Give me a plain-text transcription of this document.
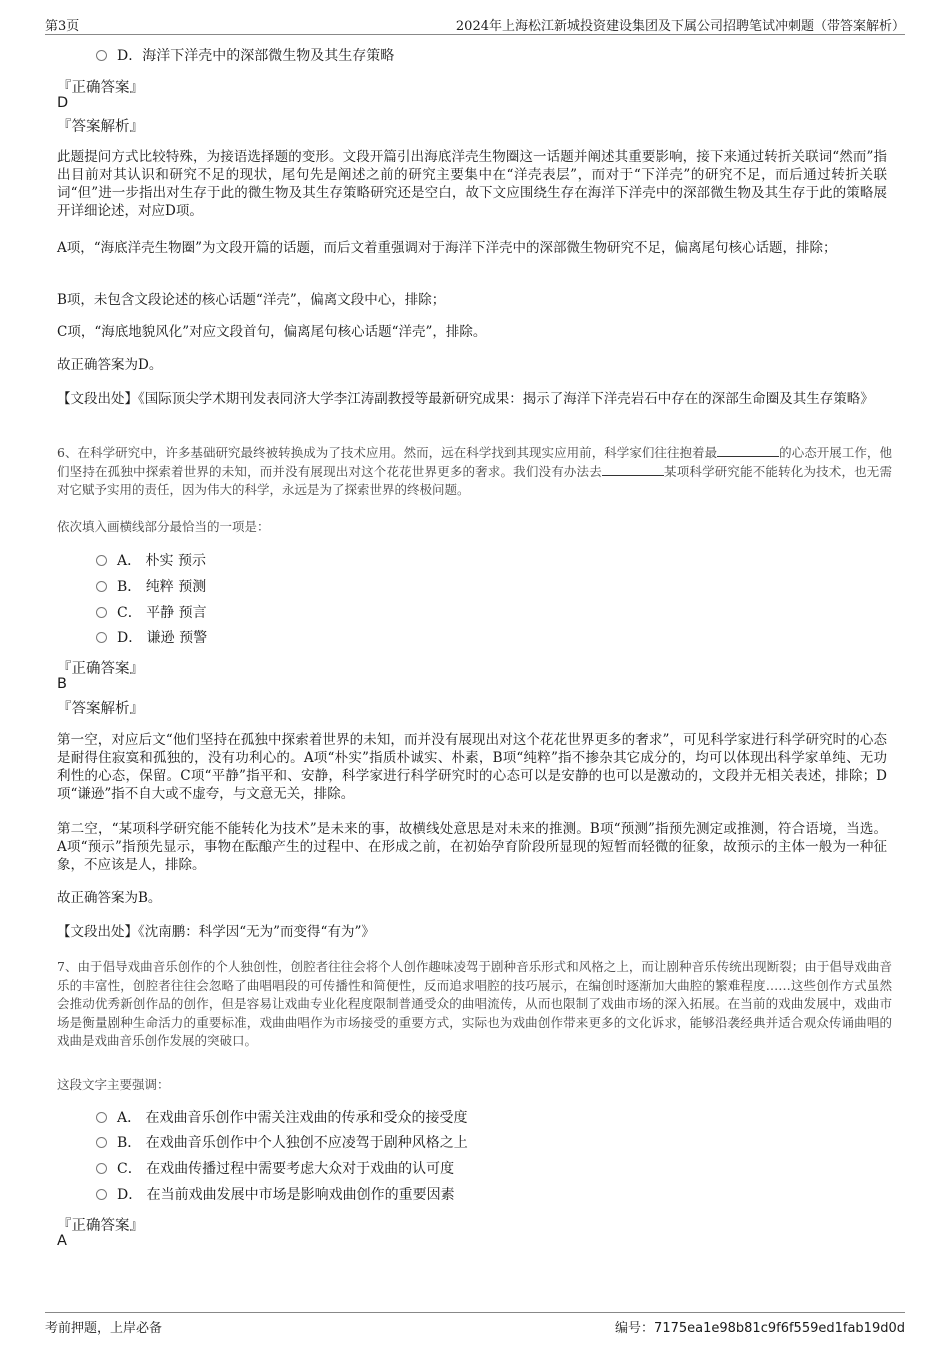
第3页	2024年上海松江新城投资建设集团及下属公司招聘笔试冲刺题（带答案解析）
D．海洋下洋壳中的深部微生物及其生存策略
『正确答案』
D
『答案解析』

此题提问方式比较特殊，为接语选择题的变形。文段开篇引出海底洋壳生物圈这一话题并阐述其重要影响，接下来通过转折关联词“然而”指出目前对其认识和研究不足的现状，尾句先是阐述之前的研究主要集中在“洋壳表层”，而对于“下洋壳”的研究不足，而后通过转折关联词“但”进一步指出对生存于此的微生物及其生存策略研究还是空白，故下文应围绕生存在海洋下洋壳中的深部微生物及其生存于此的策略展开详细论述，对应D项。

A项，“海底洋壳生物圈”为文段开篇的话题，而后文着重强调对于海洋下洋壳中的深部微生物研究不足，偏离尾句核心话题，排除；

B项，未包含文段论述的核心话题“洋壳”，偏离文段中心，排除；

C项，“海底地貌风化”对应文段首句，偏离尾句核心话题“洋壳”，排除。

故正确答案为D。

【文段出处】《国际顶尖学术期刊发表同济大学李江涛副教授等最新研究成果：揭示了海洋下洋壳岩石中存在的深部生命圈及其生存策略》

6、在科学研究中，许多基础研究最终被转换成为了技术应用。然而，远在科学找到其现实应用前，科学家们往往抱着最	的心态开展工作，他们坚持在孤独中探索着世界的未知，而并没有展现出对这个花花世界更多的奢求。我们没有办法去	某项科学研究能不能转化为技术，也无需对它赋予实用的责任，因为伟大的科学，永远是为了探索世界的终极问题。

依次填入画横线部分最恰当的一项是：
A． 朴实 预示
B． 纯粹 预测
C． 平静 预言
D． 谦逊 预警
『正确答案』
B
『答案解析』

第一空，对应后文“他们坚持在孤独中探索着世界的未知，而并没有展现出对这个花花世界更多的奢求”，可见科学家进行科学研究时的心态是耐得住寂寞和孤独的，没有功利心的。A项“朴实”指质朴诚实、朴素，B项“纯粹”指不掺杂其它成分的，均可以体现出科学家单纯、无功利性的心态，保留。C项“平静”指平和、安静，科学家进行科学研究时的心态可以是安静的也可以是激动的，文段并无相关表述，排除；D项“谦逊”指不自大或不虚夸，与文意无关，排除。

第二空，“某项科学研究能不能转化为技术”是未来的事，故横线处意思是对未来的推测。B项“预测”指预先测定或推测，符合语境，当选。A项“预示”指预先显示，事物在酝酿产生的过程中、在形成之前，在初始孕育阶段所显现的短暂而轻微的征象，故预示的主体一般为一种征象，不应该是人，排除。

故正确答案为B。

【文段出处】《沈南鹏：科学因“无为”而变得“有为”》

7、由于倡导戏曲音乐创作的个人独创性，创腔者往往会将个人创作趣味凌驾于剧种音乐形式和风格之上，而让剧种音乐传统出现断裂；由于倡导戏曲音乐的丰富性，创腔者往往会忽略了曲唱唱段的可传播性和简便性，反而追求唱腔的技巧展示，在编创时逐渐加大曲腔的繁难程度……这些创作方式虽然会推动优秀新创作品的创作，但是容易让戏曲专业化程度限制普通受众的曲唱流传，从而也限制了戏曲市场的深入拓展。在当前的戏曲发展中，戏曲市场是衡量剧种生命活力的重要标准，戏曲曲唱作为市场接受的重要方式，实际也为戏曲创作带来更多的文化诉求，能够沿袭经典并适合观众传诵曲唱的戏曲是戏曲音乐创作发展的突破口。

这段文字主要强调：
A． 在戏曲音乐创作中需关注戏曲的传承和受众的接受度
B． 在戏曲音乐创作中个人独创不应凌驾于剧种风格之上
C． 在戏曲传播过程中需要考虑大众对于戏曲的认可度
D． 在当前戏曲发展中市场是影响戏曲创作的重要因素
『正确答案』
A
考前押题，上岸必备	编号：7175ea1e98b81c9f6f559ed1fab19d0d
